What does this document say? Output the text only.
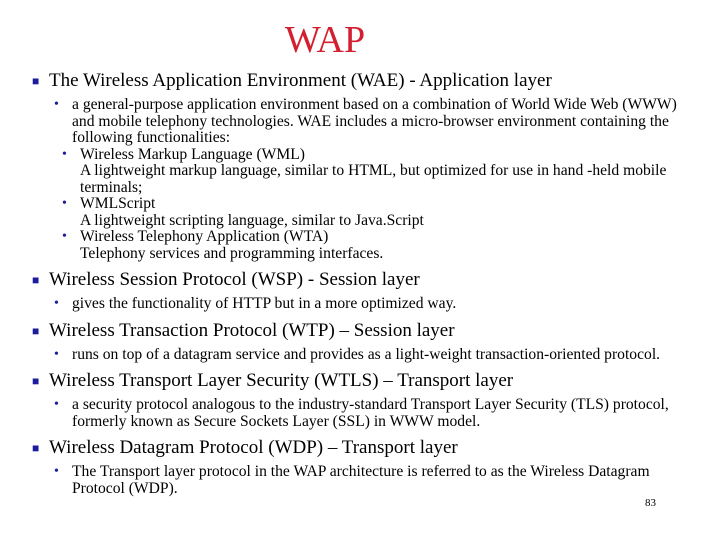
WAP
■ The Wireless Application Environment (WAE) - Application layer
• a general-purpose application environment based on a combination of World Wide Web (WWW) and mobile telephony technologies. WAE includes a micro-browser environment containing the following functionalities:
• Wireless Markup Language (WML)
A lightweight markup language, similar to HTML, but optimized for use in hand -held mobile terminals;
• WMLScript
A lightweight scripting language, similar to Java.Script
• Wireless Telephony Application (WTA)
Telephony services and programming interfaces.
■ Wireless Session Protocol (WSP) - Session layer
• gives the functionality of HTTP but in a more optimized way.
■ Wireless Transaction Protocol (WTP) – Session layer
• runs on top of a datagram service and provides as a light-weight transaction-oriented protocol.
■ Wireless Transport Layer Security (WTLS) – Transport layer
• a security protocol analogous to the industry-standard Transport Layer Security (TLS) protocol, formerly known as Secure Sockets Layer (SSL) in WWW model.
■ Wireless Datagram Protocol (WDP) – Transport layer
• The Transport layer protocol in the WAP architecture is referred to as the Wireless Datagram Protocol (WDP).
83
